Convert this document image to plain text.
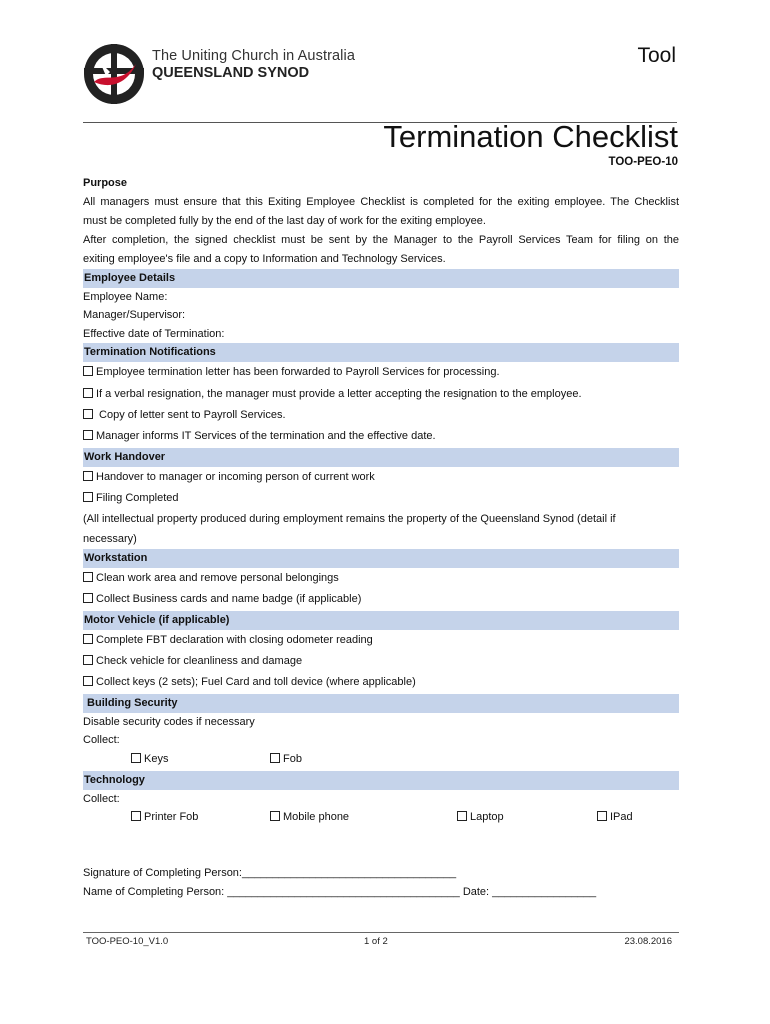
The Uniting Church in Australia
QUEENSLAND SYNOD
Tool
Termination Checklist
TOO-PEO-10
Purpose
All managers must ensure that this Exiting Employee Checklist is completed for the exiting employee. The Checklist
must be completed fully by the end of the last day of work for the exiting employee.
After completion, the signed checklist must be sent by the Manager to the Payroll Services Team for filing on the
exiting employee's file and a copy to Information and Technology Services.
Employee Details
Employee Name:
Manager/Supervisor:
Effective date of Termination:
Termination Notifications
Employee termination letter has been forwarded to Payroll Services for processing.
If a verbal resignation, the manager must provide a letter accepting the resignation to the employee.
Copy of letter sent to Payroll Services.
Manager informs IT Services of the termination and the effective date.
Work Handover
Handover to manager or incoming person of current work
Filing Completed
(All intellectual property produced during employment remains the property of the Queensland Synod (detail if
necessary)
Workstation
Clean work area and remove personal belongings
Collect Business cards and name badge (if applicable)
Motor Vehicle (if applicable)
Complete FBT declaration with closing odometer reading
Check vehicle for cleanliness and damage
Collect keys (2 sets); Fuel Card and toll device (where applicable)
Building Security
Disable security codes if necessary
Collect:
Keys	Fob
Technology
Collect:
Printer Fob	Mobile phone	Laptop	IPad
Signature of Completing Person:___________________________________
Name of Completing Person: ______________________________________ Date: _________________
TOO-PEO-10_V1.0	1 of 2	23.08.2016
